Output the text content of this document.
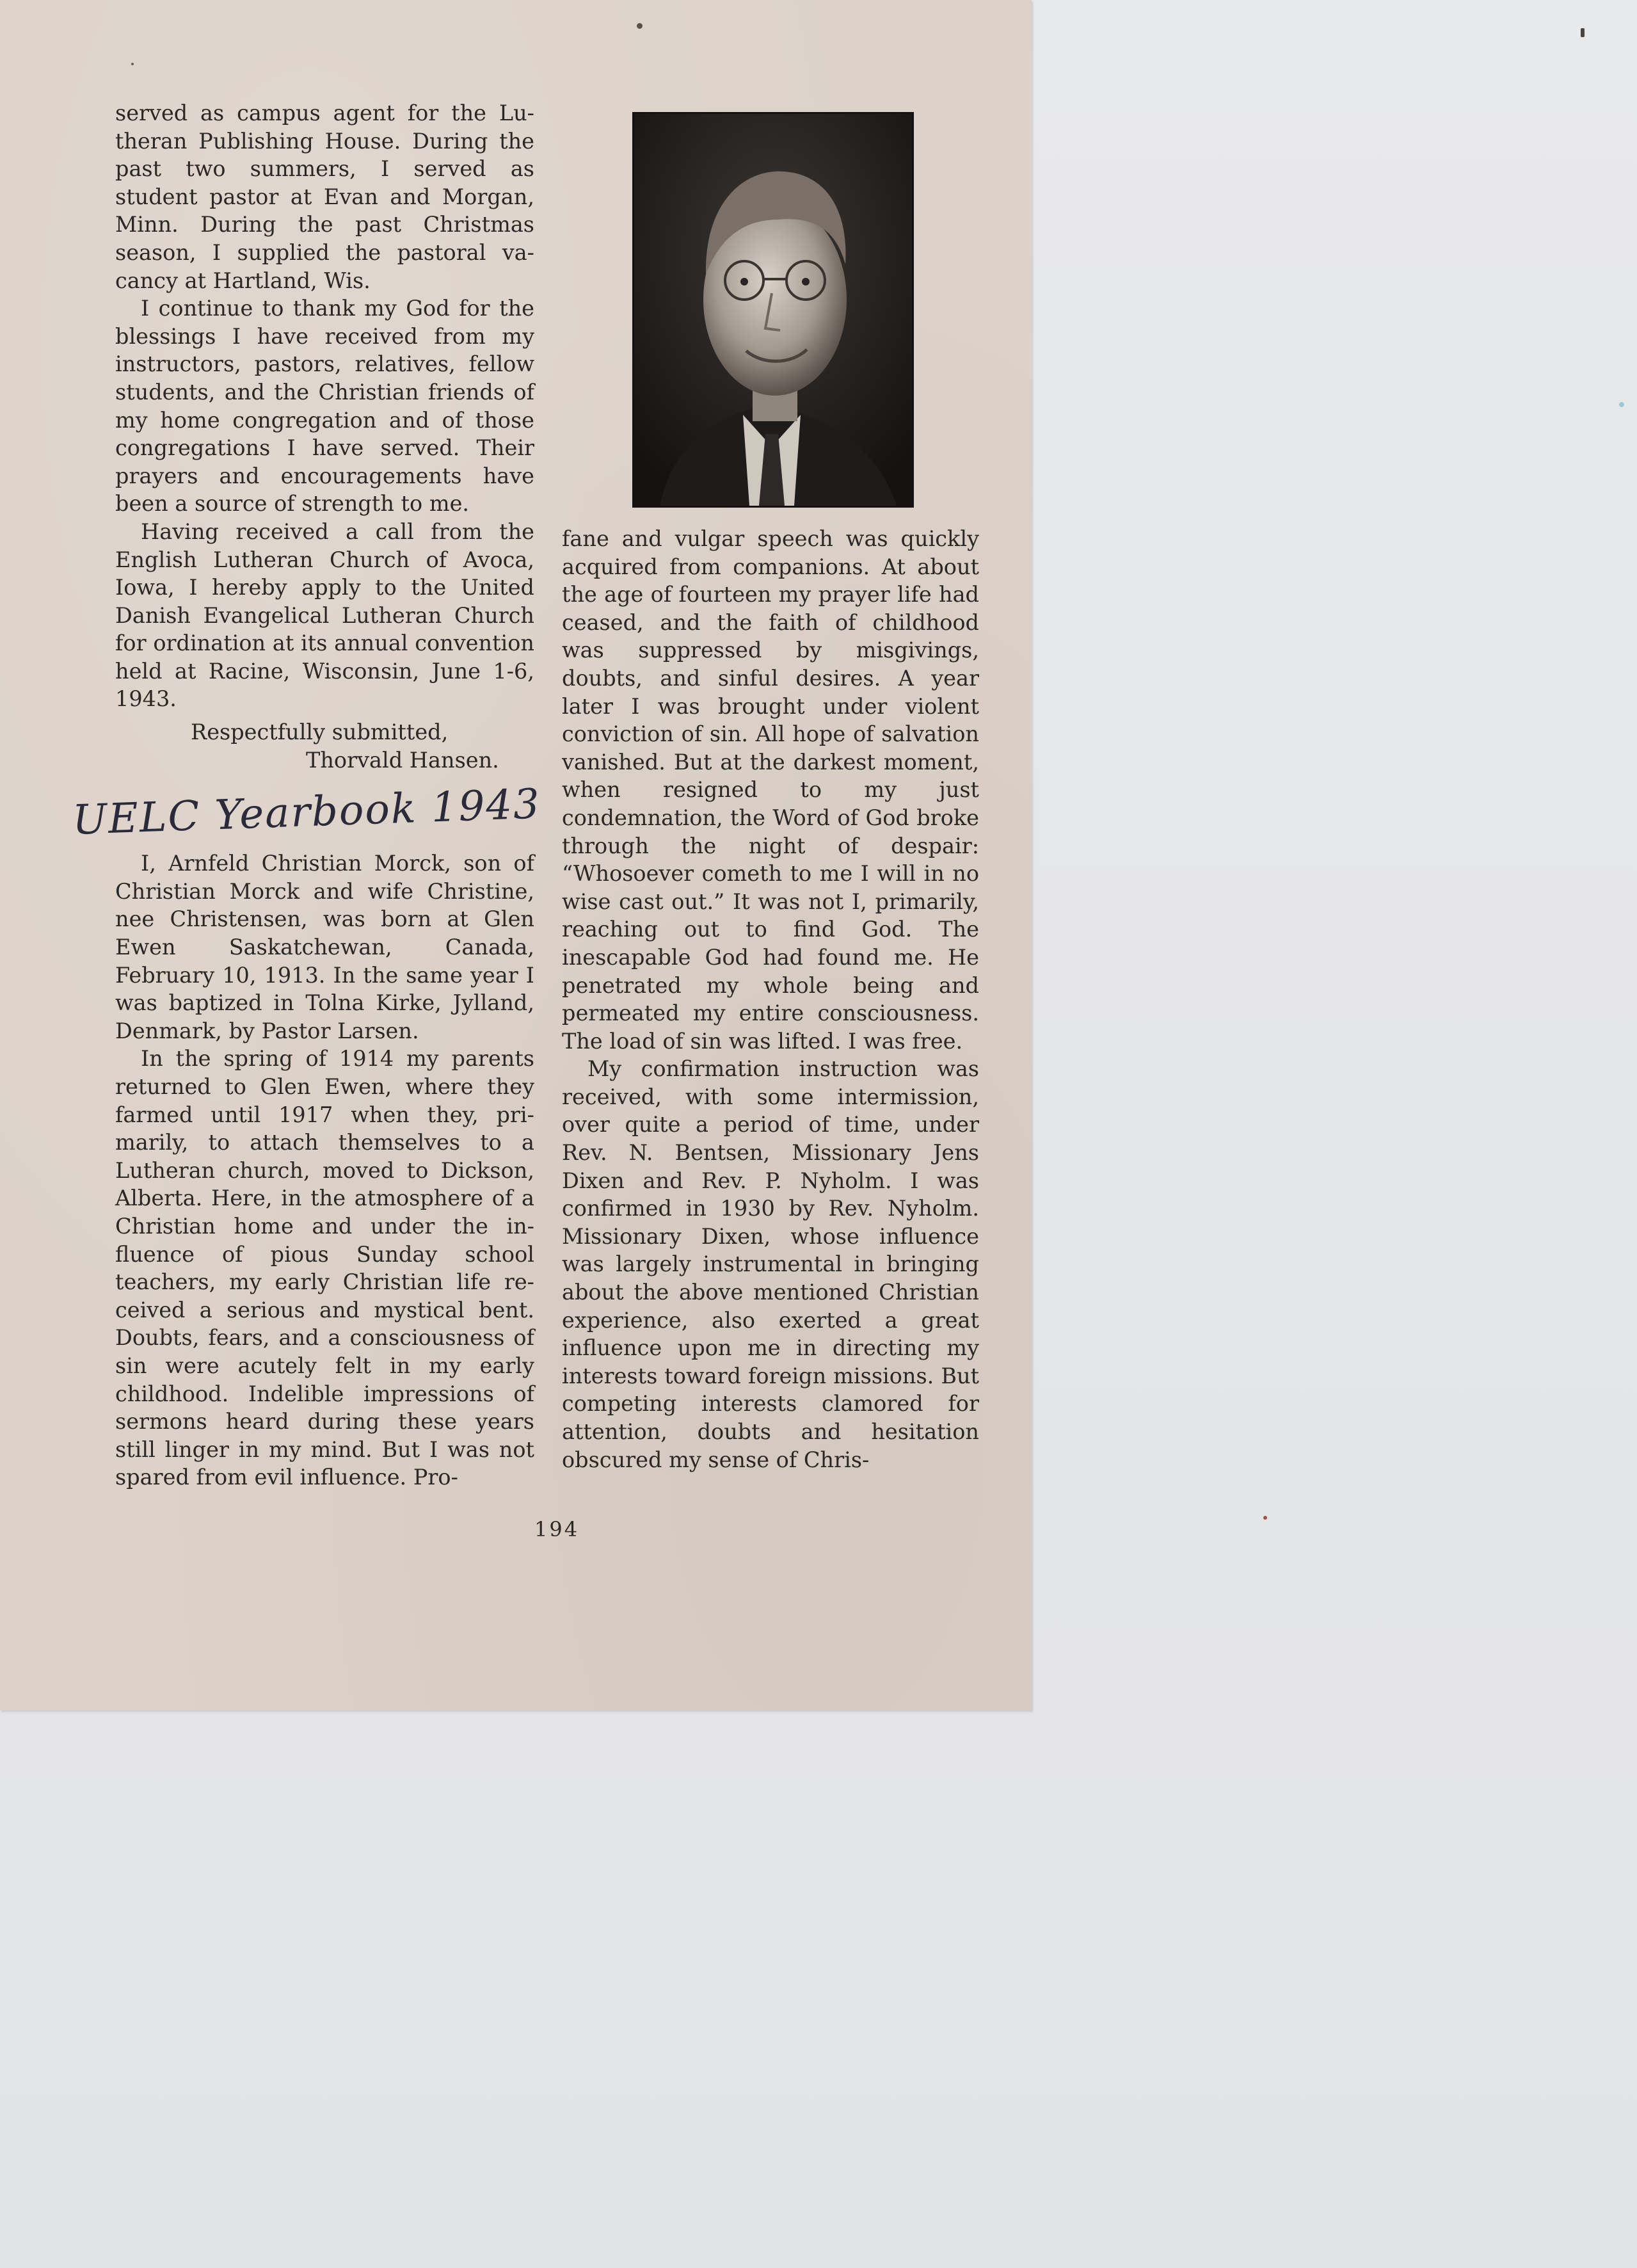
served as campus agent for the Lutheran Publishing House. During the past two summers, I served as student pastor at Evan and Morgan, Minn. During the past Christmas season, I supplied the pastoral vacancy at Hartland, Wis.

I continue to thank my God for the blessings I have received from my instructors, pastors, relatives, fellow students, and the Christian friends of my home congregation and of those congregations I have served. Their prayers and encouragements have been a source of strength to me.

Having received a call from the English Lutheran Church of Avoca, Iowa, I hereby apply to the United Danish Evangelical Lutheran Church for ordination at its annual convention held at Racine, Wisconsin, June 1-6, 1943.

Respectfully submitted,
Thorvald Hansen.

I, Arnfeld Christian Morck, son of Christian Morck and wife Christine, nee Christensen, was born at Glen Ewen Saskatchewan, Canada, February 10, 1913. In the same year I was baptized in Tolna Kirke, Jylland, Denmark, by Pastor Larsen.

In the spring of 1914 my parents returned to Glen Ewen, where they farmed until 1917 when they, primarily, to attach themselves to a Lutheran church, moved to Dickson, Alberta. Here, in the atmosphere of a Christian home and under the influence of pious Sunday school teachers, my early Christian life received a serious and mystical bent. Doubts, fears, and a consciousness of sin were acutely felt in my early childhood. Indelible impressions of sermons heard during these years still linger in my mind. But I was not spared from evil influence. Pro-

fane and vulgar speech was quickly acquired from companions. At about the age of fourteen my prayer life had ceased, and the faith of childhood was suppressed by misgivings, doubts, and sinful desires. A year later I was brought under violent conviction of sin. All hope of salvation vanished. But at the darkest moment, when resigned to my just condemnation, the Word of God broke through the night of despair: “Whosoever cometh to me I will in no wise cast out.” It was not I, primarily, reaching out to find God. The inescapable God had found me. He penetrated my whole being and permeated my entire consciousness. The load of sin was lifted. I was free.

My confirmation instruction was received, with some intermission, over quite a period of time, under Rev. N. Bentsen, Missionary Jens Dixen and Rev. P. Nyholm. I was confirmed in 1930 by Rev. Nyholm. Missionary Dixen, whose influence was largely instrumental in bringing about the above mentioned Christian experience, also exerted a great influence upon me in directing my interests toward foreign missions. But competing interests clamored for attention, doubts and hesitation obscured my sense of Chris-

194
UELC Yearbook 1943
